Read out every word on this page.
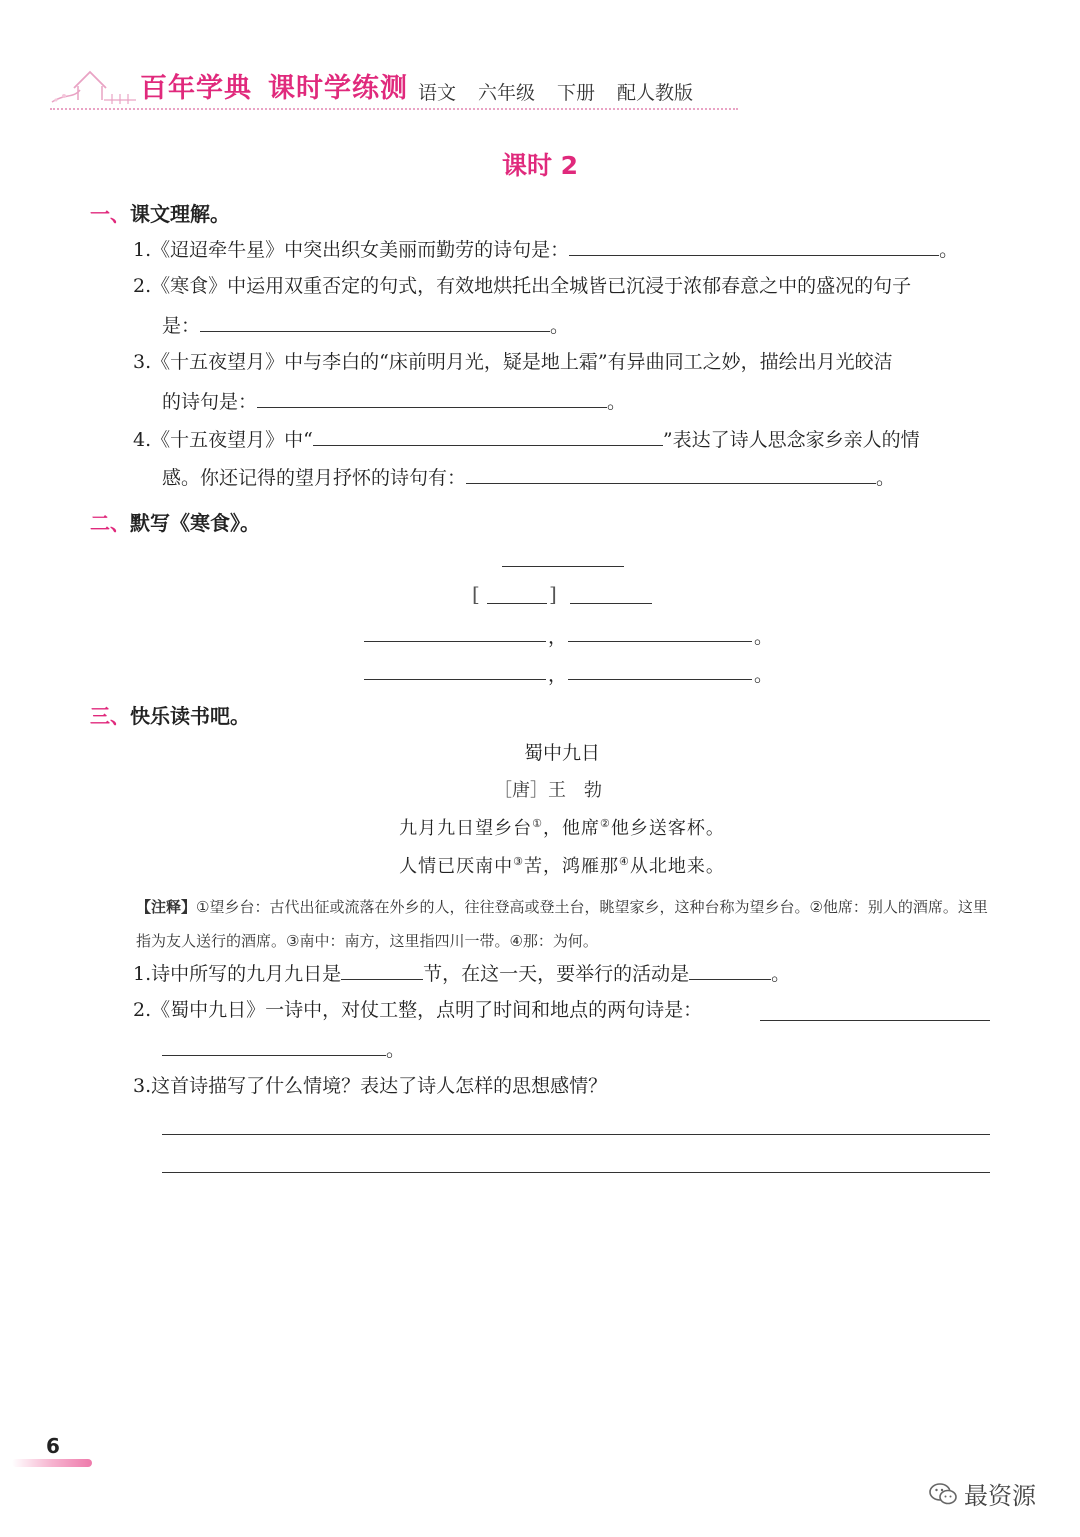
百年学典 课时学练测 语文 六年级 下册 配人教版
课时 2
一、课文理解。
1.《迢迢牵牛星》中突出织女美丽而勤劳的诗句是：	。
2.《寒食》中运用双重否定的句式，有效地烘托出全城皆已沉浸于浓郁春意之中的盛况的句子
是：	。
3.《十五夜望月》中与李白的“床前明月光，疑是地上霜”有异曲同工之妙，描绘出月光皎洁
的诗句是：	。
4.《十五夜望月》中“	”表达了诗人思念家乡亲人的情
感。你还记得的望月抒怀的诗句有：	。
二、默写《寒食》。
[	]
，	。
，	。
三、快乐读书吧。
蜀中九日
［唐］王　勃
九月九日望乡台①，他席②他乡送客杯。
人情已厌南中③苦，鸿雁那④从北地来。
【注释】①望乡台：古代出征或流落在外乡的人，往往登高或登土台，眺望家乡，这种台称为望乡台。②他席：别人的酒席。这里指为友人送行的酒席。③南中：南方，这里指四川一带。④那：为何。
1.诗中所写的九月九日是	节，在这一天，要举行的活动是	。
2.《蜀中九日》一诗中，对仗工整，点明了时间和地点的两句诗是：
。
3.这首诗描写了什么情境？表达了诗人怎样的思想感情？
6
最资源
